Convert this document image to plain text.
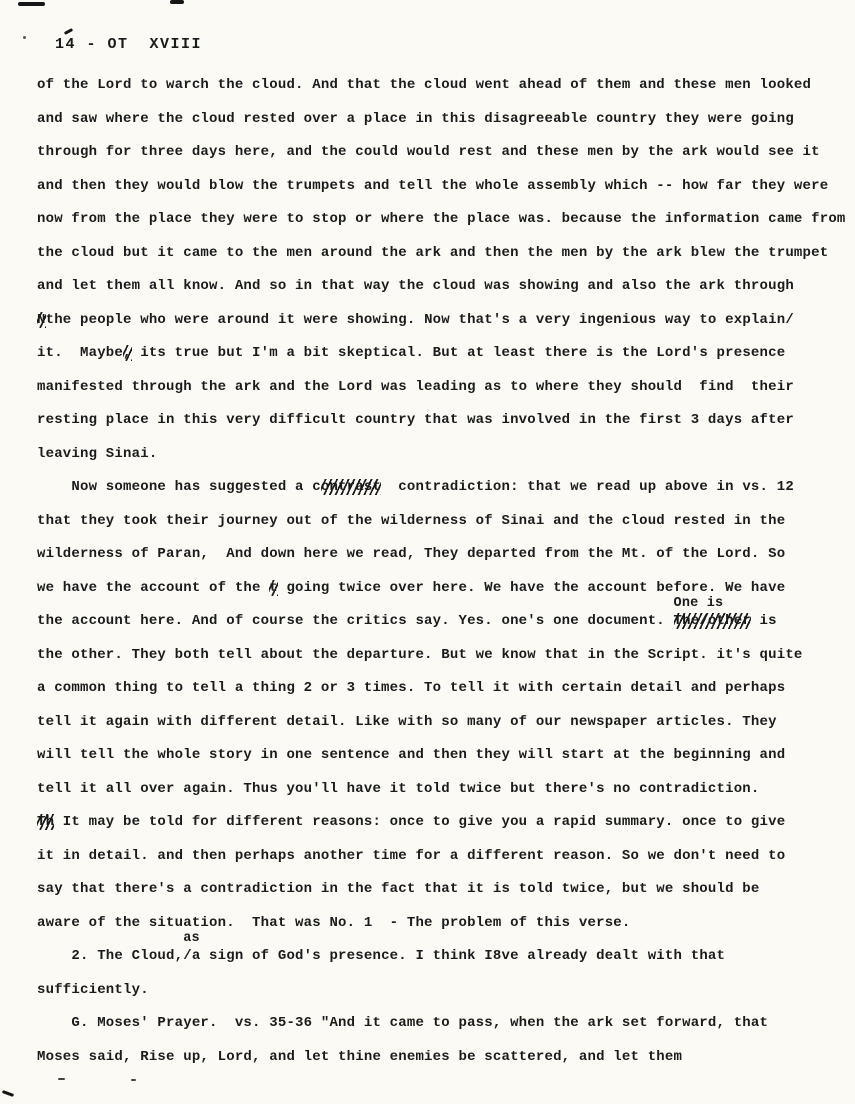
14 - OT  XVIII
of the Lord to warch the cloud. And that the cloud went ahead of them and these men looked
and saw where the cloud rested over a place in this disagreeable country they were going
through for three days here, and the could would rest and these men by the ark would see it
and then they would blow the trumpets and tell the whole assembly which -- how far they were
now from the place they were to stop or where the place was. because the information came from
the cloud but it came to the men around the ark and then the men by the ark blew the trumpet
and let them all know. And so in that way the cloud was showing and also the ark through
Nthe people who were around it were showing. Now that's a very ingenious way to explain/
it.  Maybe, its true but I'm a bit skeptical. But at least there is the Lord's presence
manifested through the ark and the Lord was leading as to where they should  find  their
resting place in this very difficult country that was involved in the first 3 days after
leaving Sinai.
Now someone has suggested a contrast  contradiction: that we read up above in vs. 12
that they took their journey out of the wilderness of Sinai and the cloud rested in the
wilderness of Paran,  And down here we read, They departed from the Mt. of the Lord. So
we have the account of the t going twice over here. We have the account before. We have
the account here. And of course the critics say. Yes. one's one document.
One is
The/other is
the other. They both tell about the departure. But we know that in the Script. it's quite
a common thing to tell a thing 2 or 3 times. To tell it with certain detail and perhaps
tell it again with different detail. Like with so many of our newspaper articles. They
will tell the whole story in one sentence and then they will start at the beginning and
tell it all over again. Thus you'll have it told twice but there's no contradiction.
Th It may be told for different reasons: once to give you a rapid summary. once to give
it in detail. and then perhaps another time for a different reason. So we don't need to
say that there's a contradiction in the fact that it is told twice, but we should be
aware of the situation.  That was No. 1  - The problem of this verse.
2. The Cloud,
as
/a sign of God's presence. I think I8ve already dealt with that
sufficiently.
G. Moses' Prayer.  vs. 35-36 "And it came to pass, when the ark set forward, that
Moses said, Rise up, Lord, and let thine enemies be scattered, and let them
